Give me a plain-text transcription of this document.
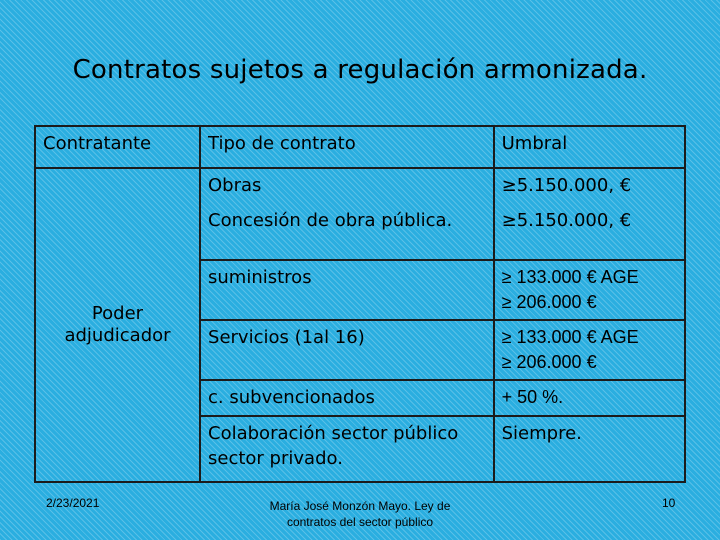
Contratos sujetos a regulación armonizada.
Contratante	Tipo de contrato	Umbral

Poder adjudicador	Obras	≥5.150.000, €

	Concesión de obra pública.	≥5.150.000, €

	suministros	≥ 133.000 € AGE
≥ 206.000 €

	Servicios (1al 16)	≥ 133.000 € AGE
≥ 206.000 €

	c. subvencionados	+ 50 %.

	Colaboración sector público sector privado.	Siempre.
2/23/2021	María José Monzón Mayo. Ley de contratos del sector público
10
